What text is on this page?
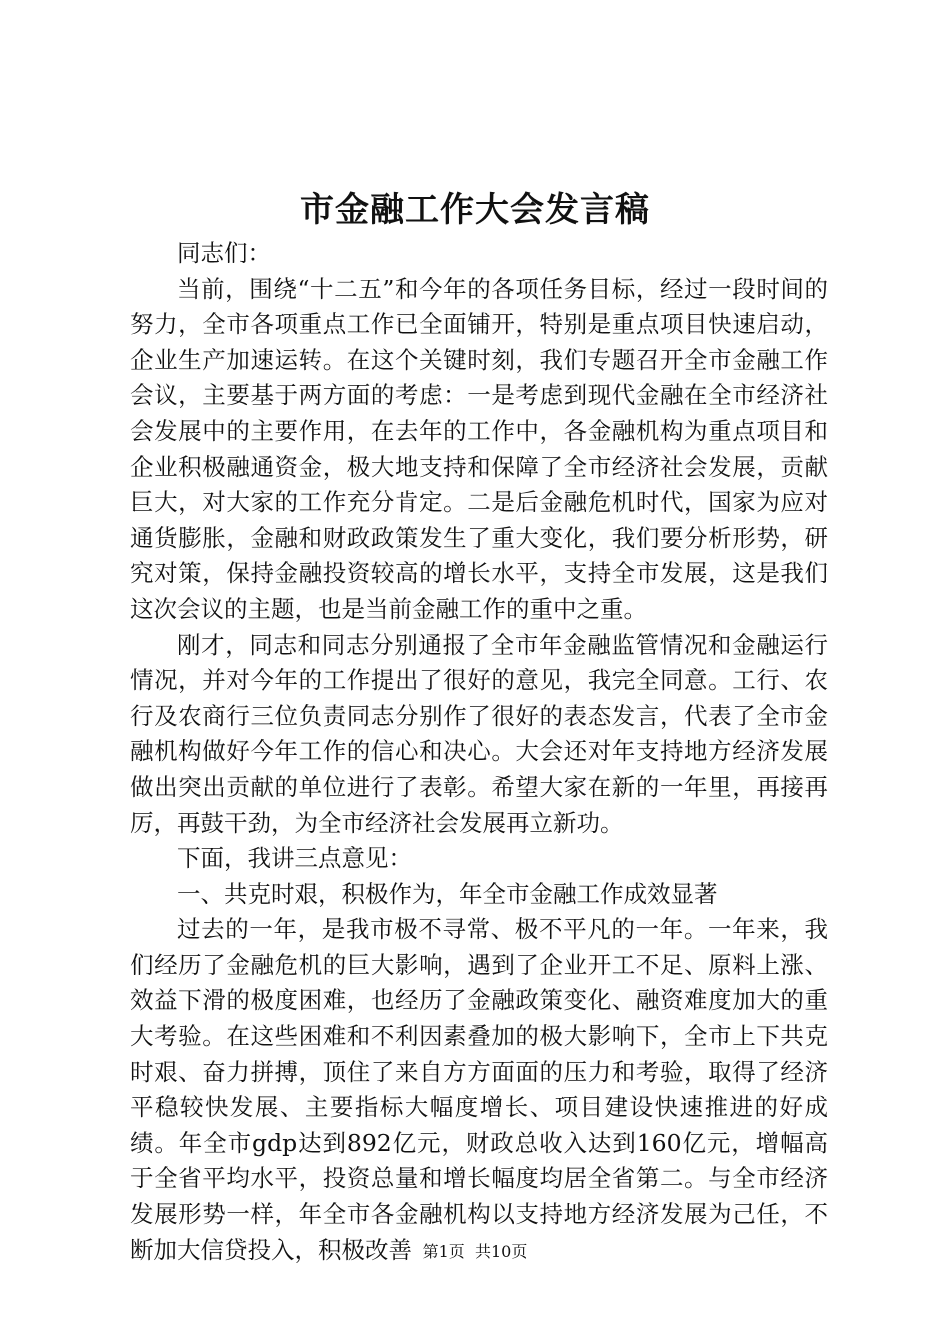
市金融工作大会发言稿

同志们：

当前，围绕“十二五”和今年的各项任务目标，经过一段时间的努力，全市各项重点工作已全面铺开，特别是重点项目快速启动，企业生产加速运转。在这个关键时刻，我们专题召开全市金融工作会议，主要基于两方面的考虑：一是考虑到现代金融在全市经济社会发展中的主要作用，在去年的工作中，各金融机构为重点项目和企业积极融通资金，极大地支持和保障了全市经济社会发展，贡献巨大，对大家的工作充分肯定。二是后金融危机时代，国家为应对通货膨胀，金融和财政政策发生了重大变化，我们要分析形势，研究对策，保持金融投资较高的增长水平，支持全市发展，这是我们这次会议的主题，也是当前金融工作的重中之重。

刚才，同志和同志分别通报了全市年金融监管情况和金融运行情况，并对今年的工作提出了很好的意见，我完全同意。工行、农行及农商行三位负责同志分别作了很好的表态发言，代表了全市金融机构做好今年工作的信心和决心。大会还对年支持地方经济发展做出突出贡献的单位进行了表彰。希望大家在新的一年里，再接再厉，再鼓干劲，为全市经济社会发展再立新功。

下面，我讲三点意见：

一、共克时艰，积极作为，年全市金融工作成效显著

过去的一年，是我市极不寻常、极不平凡的一年。一年来，我们经历了金融危机的巨大影响，遇到了企业开工不足、原料上涨、效益下滑的极度困难，也经历了金融政策变化、融资难度加大的重大考验。在这些困难和不利因素叠加的极大影响下，全市上下共克时艰、奋力拼搏，顶住了来自方方面面的压力和考验，取得了经济平稳较快发展、主要指标大幅度增长、项目建设快速推进的好成绩。年全市gdp达到892亿元，财政总收入达到160亿元，增幅高于全省平均水平，投资总量和增长幅度均居全省第二。与全市经济发展形势一样，年全市各金融机构以支持地方经济发展为己任，不断加大信贷投入，积极改善 第1页 共10页
